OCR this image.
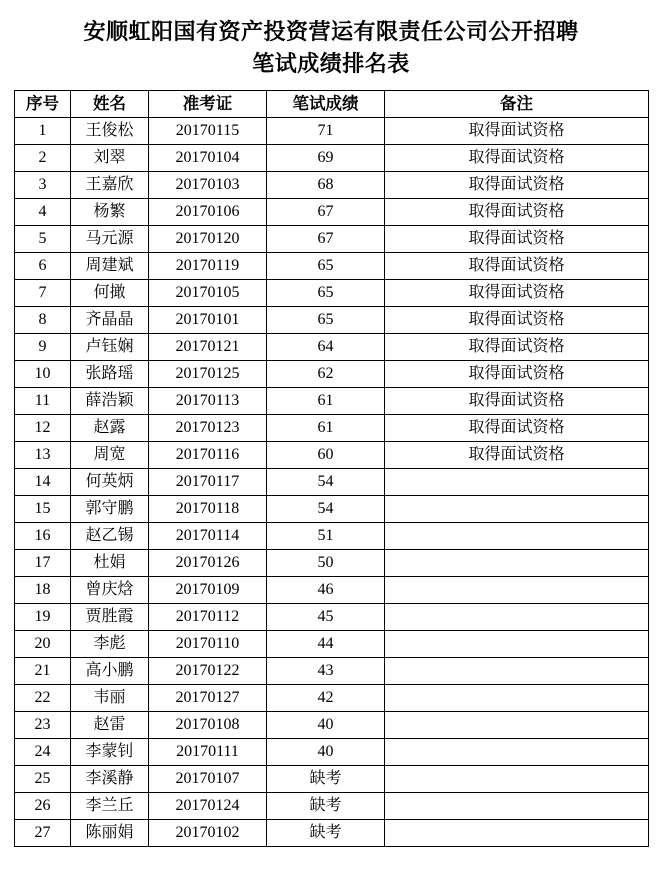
安顺虹阳国有资产投资营运有限责任公司公开招聘
笔试成绩排名表
序号	姓名	准考证	笔试成绩	备注
1	王俊松	20170115	71	取得面试资格
2	刘翠	20170104	69	取得面试资格
3	王嘉欣	20170103	68	取得面试资格
4	杨繁	20170106	67	取得面试资格
5	马元源	20170120	67	取得面试资格
6	周建斌	20170119	65	取得面试资格
7	何撖	20170105	65	取得面试资格
8	齐晶晶	20170101	65	取得面试资格
9	卢钰娴	20170121	64	取得面试资格
10	张路瑶	20170125	62	取得面试资格
11	薛浩颖	20170113	61	取得面试资格
12	赵露	20170123	61	取得面试资格
13	周宽	20170116	60	取得面试资格
14	何英炳	20170117	54	
15	郭守鹏	20170118	54	
16	赵乙锡	20170114	51	
17	杜娟	20170126	50	
18	曾庆焓	20170109	46	
19	贾胜霞	20170112	45	
20	李彪	20170110	44	
21	高小鹏	20170122	43	
22	韦丽	20170127	42	
23	赵雷	20170108	40	
24	李蒙钊	20170111	40	
25	李溪静	20170107	缺考	
26	李兰丘	20170124	缺考	
27	陈丽娟	20170102	缺考	
